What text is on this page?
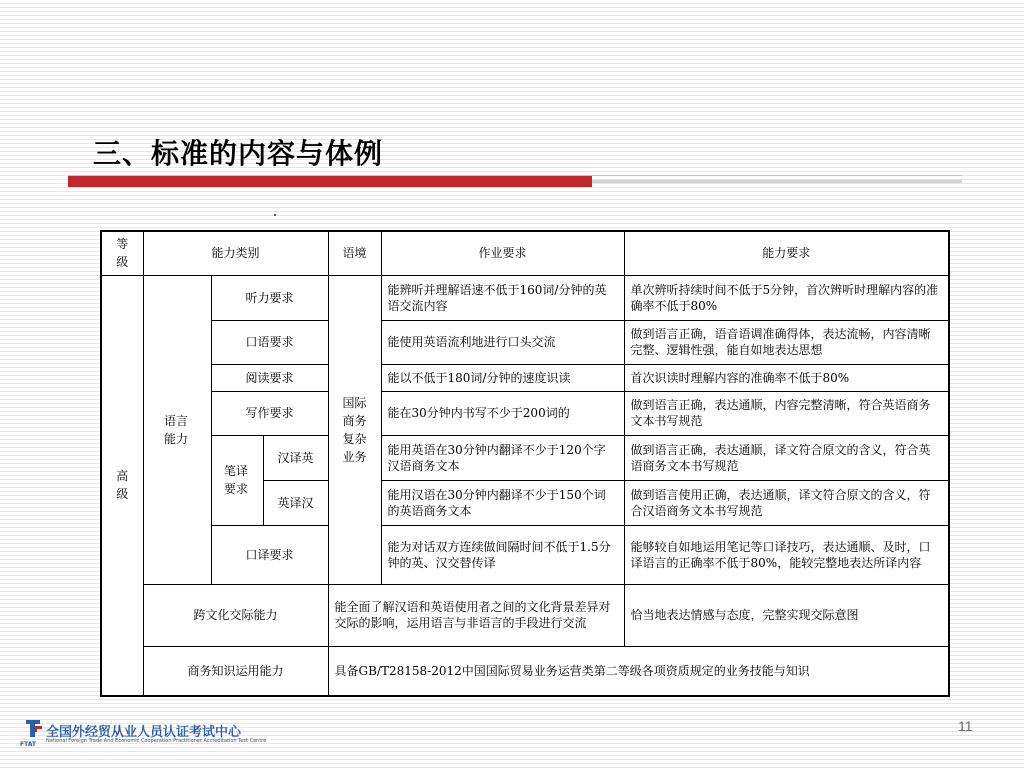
三、标准的内容与体例
等级	能力类别			语境	作业要求	能力要求
高级	语言能力	听力要求		国际商务复杂业务	能辨听并理解语速不低于160词/分钟的英语交流内容	单次辨听持续时间不低于5分钟，首次辨听时理解内容的准确率不低于80%
		口语要求			能使用英语流利地进行口头交流	做到语言正确，语音语调准确得体，表达流畅，内容清晰完整、逻辑性强，能自如地表达思想
		阅读要求			能以不低于180词/分钟的速度识读	首次识读时理解内容的准确率不低于80%
		写作要求			能在30分钟内书写不少于200词的	做到语言正确，表达通顺，内容完整清晰，符合英语商务文本书写规范
		笔译要求	汉译英		能用英语在30分钟内翻译不少于120个字汉语商务文本	做到语言正确，表达通顺，译文符合原文的含义，符合英语商务文本书写规范
			英译汉		能用汉语在30分钟内翻译不少于150个词的英语商务文本	做到语言使用正确，表达通顺，译文符合原文的含义，符合汉语商务文本书写规范
		口译要求			能为对话双方连续做间隔时间不低于1.5分钟的英、汉交替传译	能够较自如地运用笔记等口译技巧，表达通顺、及时，口译语言的正确率不低于80%，能较完整地表达所译内容
	跨文化交际能力			能全面了解汉语和英语使用者之间的文化背景差异对交际的影响，运用语言与非语言的手段进行交流		恰当地表达情感与态度，完整实现交际意图
	商务知识运用能力			具备GB/T28158-2012中国国际贸易业务运营类第二等级各项资质规定的业务技能与知识		
FTAT
全国外经贸从业人员认证考试中心
National Foreign Trade And Economic Cooperation Practitioner Accreditation Test Centre
11
